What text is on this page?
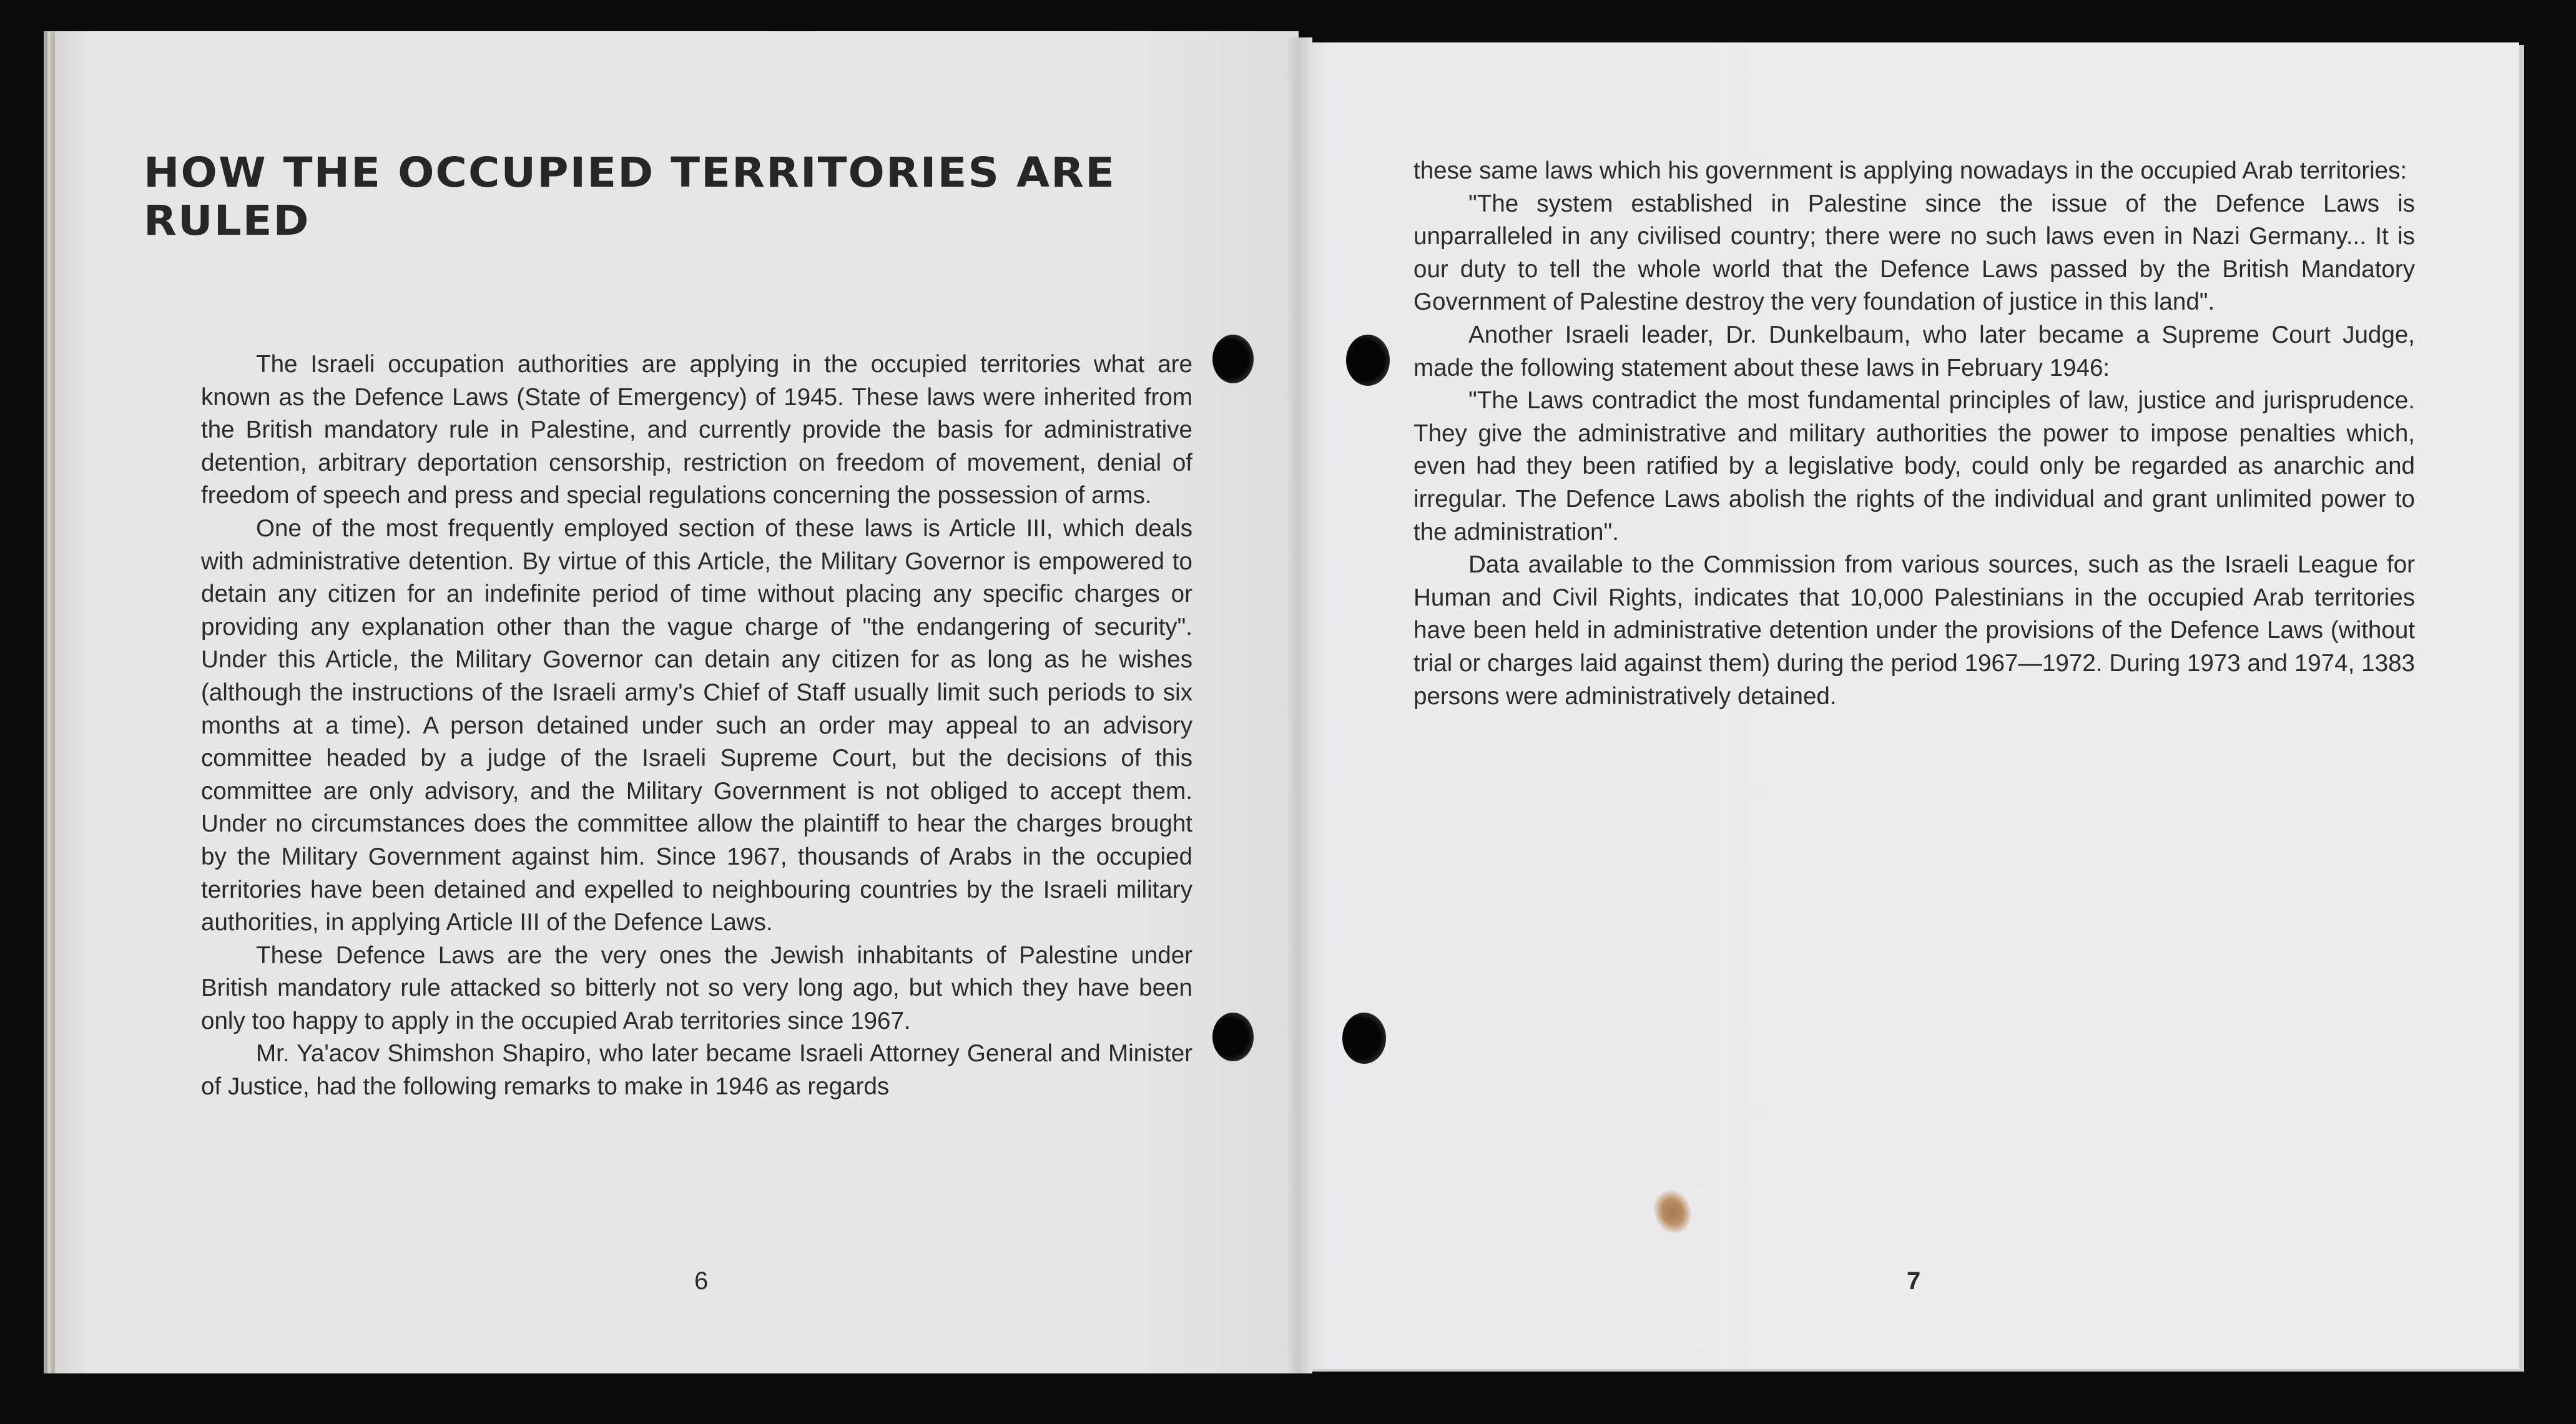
HOW THE OCCUPIED TERRITORIES ARE RULED

The Israeli occupation authorities are applying in the occupied territories what are known as the Defence Laws (State of Emergency) of 1945. These laws were inherited from the British mandatory rule in Palestine, and currently provide the basis for administrative detention, arbitrary deportation censorship, restriction on freedom of movement, denial of freedom of speech and press and special regulations concerning the possession of arms.

One of the most frequently employed section of these laws is Article III, which deals with administrative detention. By virtue of this Article, the Military Governor is empowered to detain any citizen for an indefinite period of time without placing any specific charges or providing any explanation other than the vague charge of "the endangering of security". Under this Article, the Military Governor can detain any citizen for as long as he wishes (although the instructions of the Israeli army's Chief of Staff usually limit such periods to six months at a time). A person detained under such an order may appeal to an advisory committee headed by a judge of the Israeli Supreme Court, but the decisions of this committee are only advisory, and the Military Government is not obliged to accept them. Under no circumstances does the committee allow the plaintiff to hear the charges brought by the Military Government against him. Since 1967, thousands of Arabs in the occupied territories have been detained and expelled to neighbouring countries by the Israeli military authorities, in applying Article III of the Defence Laws.

These Defence Laws are the very ones the Jewish inhabitants of Palestine under British mandatory rule attacked so bitterly not so very long ago, but which they have been only too happy to apply in the occupied Arab territories since 1967.

Mr. Ya'acov Shimshon Shapiro, who later became Israeli Attorney General and Minister of Justice, had the following remarks to make in 1946 as regards

these same laws which his government is applying nowadays in the occupied Arab territories:

"The system established in Palestine since the issue of the Defence Laws is unparralleled in any civilised country; there were no such laws even in Nazi Germany... It is our duty to tell the whole world that the Defence Laws passed by the British Mandatory Government of Palestine destroy the very foundation of justice in this land".

Another Israeli leader, Dr. Dunkelbaum, who later became a Supreme Court Judge, made the following statement about these laws in February 1946:

"The Laws contradict the most fundamental principles of law, justice and jurisprudence. They give the administrative and military authorities the power to impose penalties which, even had they been ratified by a legislative body, could only be regarded as anarchic and irregular. The Defence Laws abolish the rights of the individual and grant unlimited power to the administration".

Data available to the Commission from various sources, such as the Israeli League for Human and Civil Rights, indicates that 10,000 Palestinians in the occupied Arab territories have been held in administrative detention under the provisions of the Defence Laws (without trial or charges laid against them) during the period 1967—1972. During 1973 and 1974, 1383 persons were administratively detained.

6	7
